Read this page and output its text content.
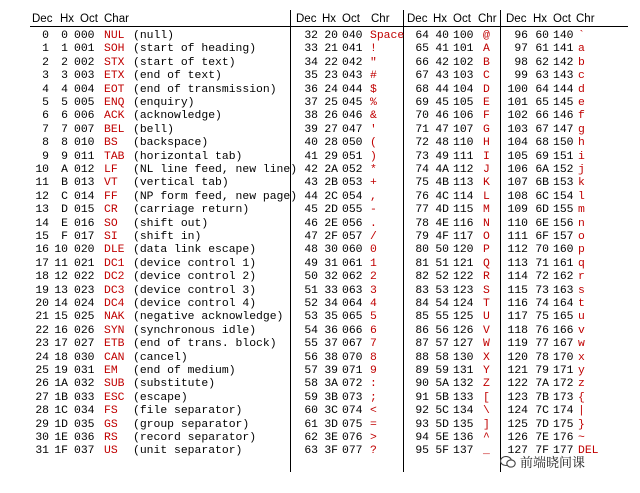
Dec Hx Oct Char	Dec Hx Oct Chr Dec Hx Oct Chr Dec Hx Oct Chr
0 0 000 NUL (null)
1 1 001 SOH (start of heading)
2 2 002 STX (start of text)
3 3 003 ETX (end of text)
4 4 004 EOT (end of transmission)
5 5 005 ENQ (enquiry)
6 6 006 ACK (acknowledge)
7 7 007 BEL (bell)
8 8 010 BS (backspace)
9 9 011 TAB (horizontal tab)
10 A 012 LF (NL line feed, new line)
11 B 013 VT (vertical tab)
12 C 014 FF (NP form feed, new page)
13 D 015 CR (carriage return)
14 E 016 SO (shift out)
15 F 017 SI (shift in)
16 10 020 DLE (data link escape)
17 11 021 DC1 (device control 1)
18 12 022 DC2 (device control 2)
19 13 023 DC3 (device control 3)
20 14 024 DC4 (device control 4)
21 15 025 NAK (negative acknowledge)
22 16 026 SYN (synchronous idle)
23 17 027 ETB (end of trans. block)
24 18 030 CAN (cancel)
25 19 031 EM (end of medium)
26 1A 032 SUB (substitute)
27 1B 033 ESC (escape)
28 1C 034 FS (file separator)
29 1D 035 GS (group separator)
30 1E 036 RS (record separator)
31 1F 037 US (unit separator)
32 20 040 Space
33 21 041 !
34 22 042 "
35 23 043 #
36 24 044 $
37 25 045 %
38 26 046 &
39 27 047 '
40 28 050 (
41 29 051 )
42 2A 052 *
43 2B 053 +
44 2C 054 ,
45 2D 055 -
46 2E 056 .
47 2F 057 /
48 30 060 0
49 31 061 1
50 32 062 2
51 33 063 3
52 34 064 4
53 35 065 5
54 36 066 6
55 37 067 7
56 38 070 8
57 39 071 9
58 3A 072 :
59 3B 073 ;
60 3C 074 <
61 3D 075 =
62 3E 076 >
63 3F 077 ?
64 40 100 @
65 41 101 A
66 42 102 B
67 43 103 C
68 44 104 D
69 45 105 E
70 46 106 F
71 47 107 G
72 48 110 H
73 49 111 I
74 4A 112 J
75 4B 113 K
76 4C 114 L
77 4D 115 M
78 4E 116 N
79 4F 117 O
80 50 120 P
81 51 121 Q
82 52 122 R
83 53 123 S
84 54 124 T
85 55 125 U
86 56 126 V
87 57 127 W
88 58 130 X
89 59 131 Y
90 5A 132 Z
91 5B 133 [
92 5C 134 \
93 5D 135 ]
94 5E 136 ^
95 5F 137 _
96 60 140 `
97 61 141 a
98 62 142 b
99 63 143 c
100 64 144 d
101 65 145 e
102 66 146 f
103 67 147 g
104 68 150 h
105 69 151 i
106 6A 152 j
107 6B 153 k
108 6C 154 l
109 6D 155 m
110 6E 156 n
111 6F 157 o
112 70 160 p
113 71 161 q
114 72 162 r
115 73 163 s
116 74 164 t
117 75 165 u
118 76 166 v
119 77 167 w
120 78 170 x
121 79 171 y
122 7A 172 z
123 7B 173 {
124 7C 174 |
125 7D 175 }
126 7E 176 ~
127 7F 177 DEL
前端晓间课
